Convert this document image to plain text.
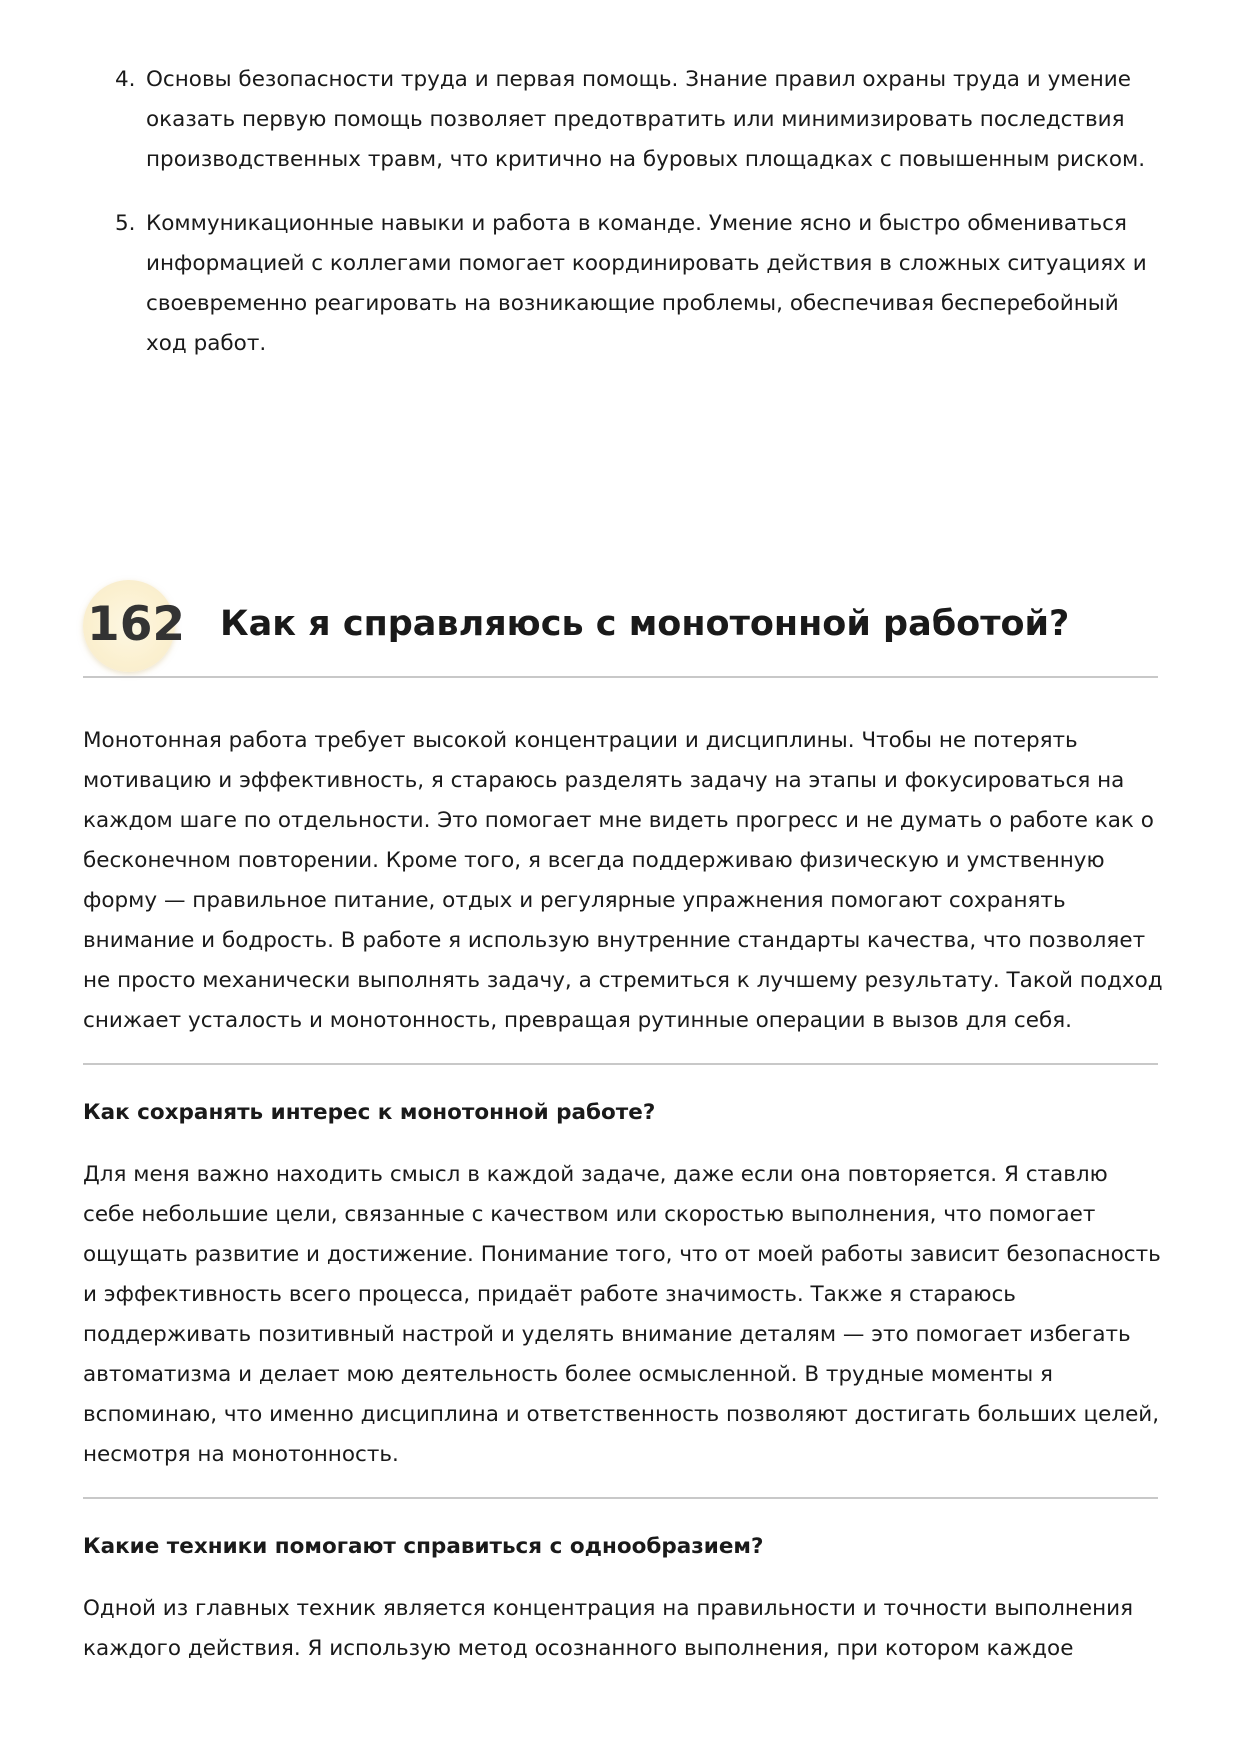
4. Основы безопасности труда и первая помощь. Знание правил охраны труда и умение оказать первую помощь позволяет предотвратить или минимизировать последствия производственных травм, что критично на буровых площадках с повышенным риском.
5. Коммуникационные навыки и работа в команде. Умение ясно и быстро обмениваться информацией с коллегами помогает координировать действия в сложных ситуациях и своевременно реагировать на возникающие проблемы, обеспечивая бесперебойный ход работ.
162 Как я справляюсь с монотонной работой?

Монотонная работа требует высокой концентрации и дисциплины. Чтобы не потерять мотивацию и эффективность, я стараюсь разделять задачу на этапы и фокусироваться на каждом шаге по отдельности. Это помогает мне видеть прогресс и не думать о работе как о бесконечном повторении. Кроме того, я всегда поддерживаю физическую и умственную форму — правильное питание, отдых и регулярные упражнения помогают сохранять внимание и бодрость. В работе я использую внутренние стандарты качества, что позволяет не просто механически выполнять задачу, а стремиться к лучшему результату. Такой подход снижает усталость и монотонность, превращая рутинные операции в вызов для себя.

Как сохранять интерес к монотонной работе?

Для меня важно находить смысл в каждой задаче, даже если она повторяется. Я ставлю себе небольшие цели, связанные с качеством или скоростью выполнения, что помогает ощущать развитие и достижение. Понимание того, что от моей работы зависит безопасность и эффективность всего процесса, придаёт работе значимость. Также я стараюсь поддерживать позитивный настрой и уделять внимание деталям — это помогает избегать автоматизма и делает мою деятельность более осмысленной. В трудные моменты я вспоминаю, что именно дисциплина и ответственность позволяют достигать больших целей, несмотря на монотонность.

Какие техники помогают справиться с однообразием?

Одной из главных техник является концентрация на правильности и точности выполнения каждого действия. Я использую метод осознанного выполнения, при котором каждое
